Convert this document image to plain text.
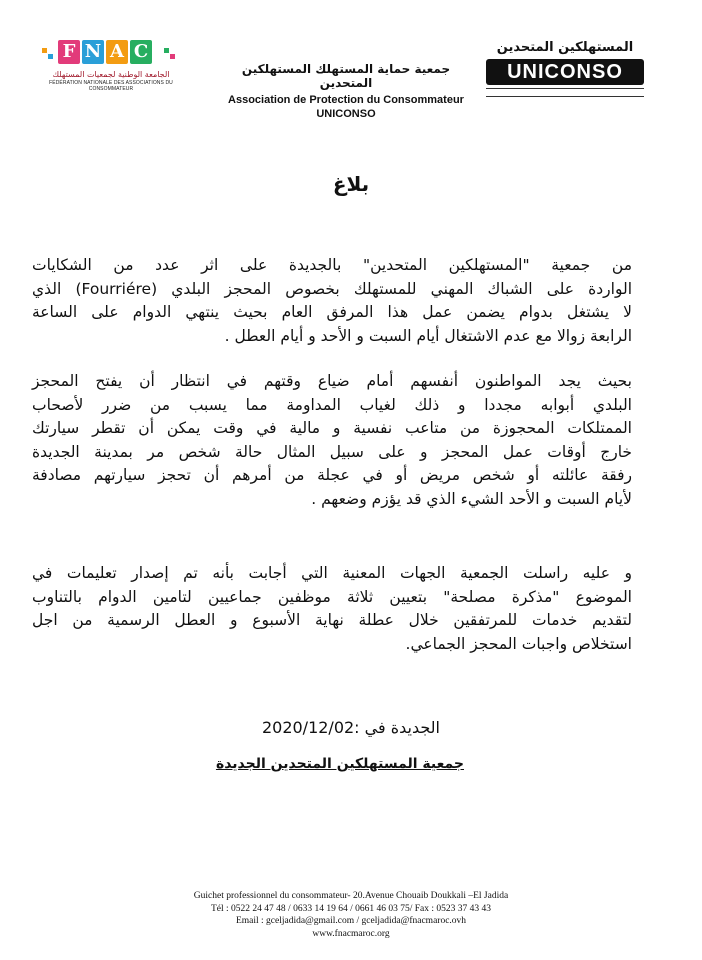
F N A C
الجامعة الوطنية لجمعيات المستهلك
FÉDÉRATION NATIONALE DES ASSOCIATIONS DU CONSOMMATEUR
جمعية حماية المستهلك المستهلكين المتحدين
Association de Protection du Consommateur
UNICONSO
المستهلكين المتحدين
UNICONSO
بلاغ
من جمعية "المستهلكين المتحدين" بالجديدة على اثر عدد من الشكايات
الواردة على الشباك المهني للمستهلك بخصوص المحجز البلدي (Fourriére) الذي
لا يشتغل بدوام يضمن عمل هذا المرفق العام بحيث ينتهي الدوام على الساعة
الرابعة زوالا مع عدم الاشتغال أيام السبت و الأحد و أيام العطل .
بحيث يجد المواطنون أنفسهم أمام ضياع وقتهم في انتظار أن يفتح المحجز
البلدي أبوابه مجددا و ذلك لغياب المداومة مما يسبب من ضرر لأصحاب
الممتلكات المحجوزة من متاعب نفسية و مالية في وقت يمكن أن تقطر سيارتك
خارج أوقات عمل المحجز و على سبيل المثال حالة شخص مر بمدينة الجديدة
رفقة عائلته أو شخص مريض أو في عجلة من أمرهم أن تحجز سيارتهم مصادفة
لأيام السبت و الأحد الشيء الذي قد يؤزم وضعهم .
و عليه راسلت الجمعية الجهات المعنية التي أجابت بأنه تم إصدار تعليمات في
الموضوع "مذكرة مصلحة" بتعيين ثلاثة موظفين جماعيين لتامين الدوام بالتناوب
لتقديم خدمات للمرتفقين خلال عطلة نهاية الأسبوع و العطل الرسمية من اجل
استخلاص واجبات المحجز الجماعي.
الجديدة في :2020/12/02
جمعية المستهلكين المتحدين الجديدة
Guichet professionnel du consommateur- 20.Avenue Chouaib Doukkali –El Jadida
Tél : 0522 24 47 48 / 0633 14 19 64 / 0661 46 03 75/ Fax : 0523 37 43 43
Email : gceljadida@gmail.com / gceljadida@fnacmaroc.ovh
www.fnacmaroc.org
